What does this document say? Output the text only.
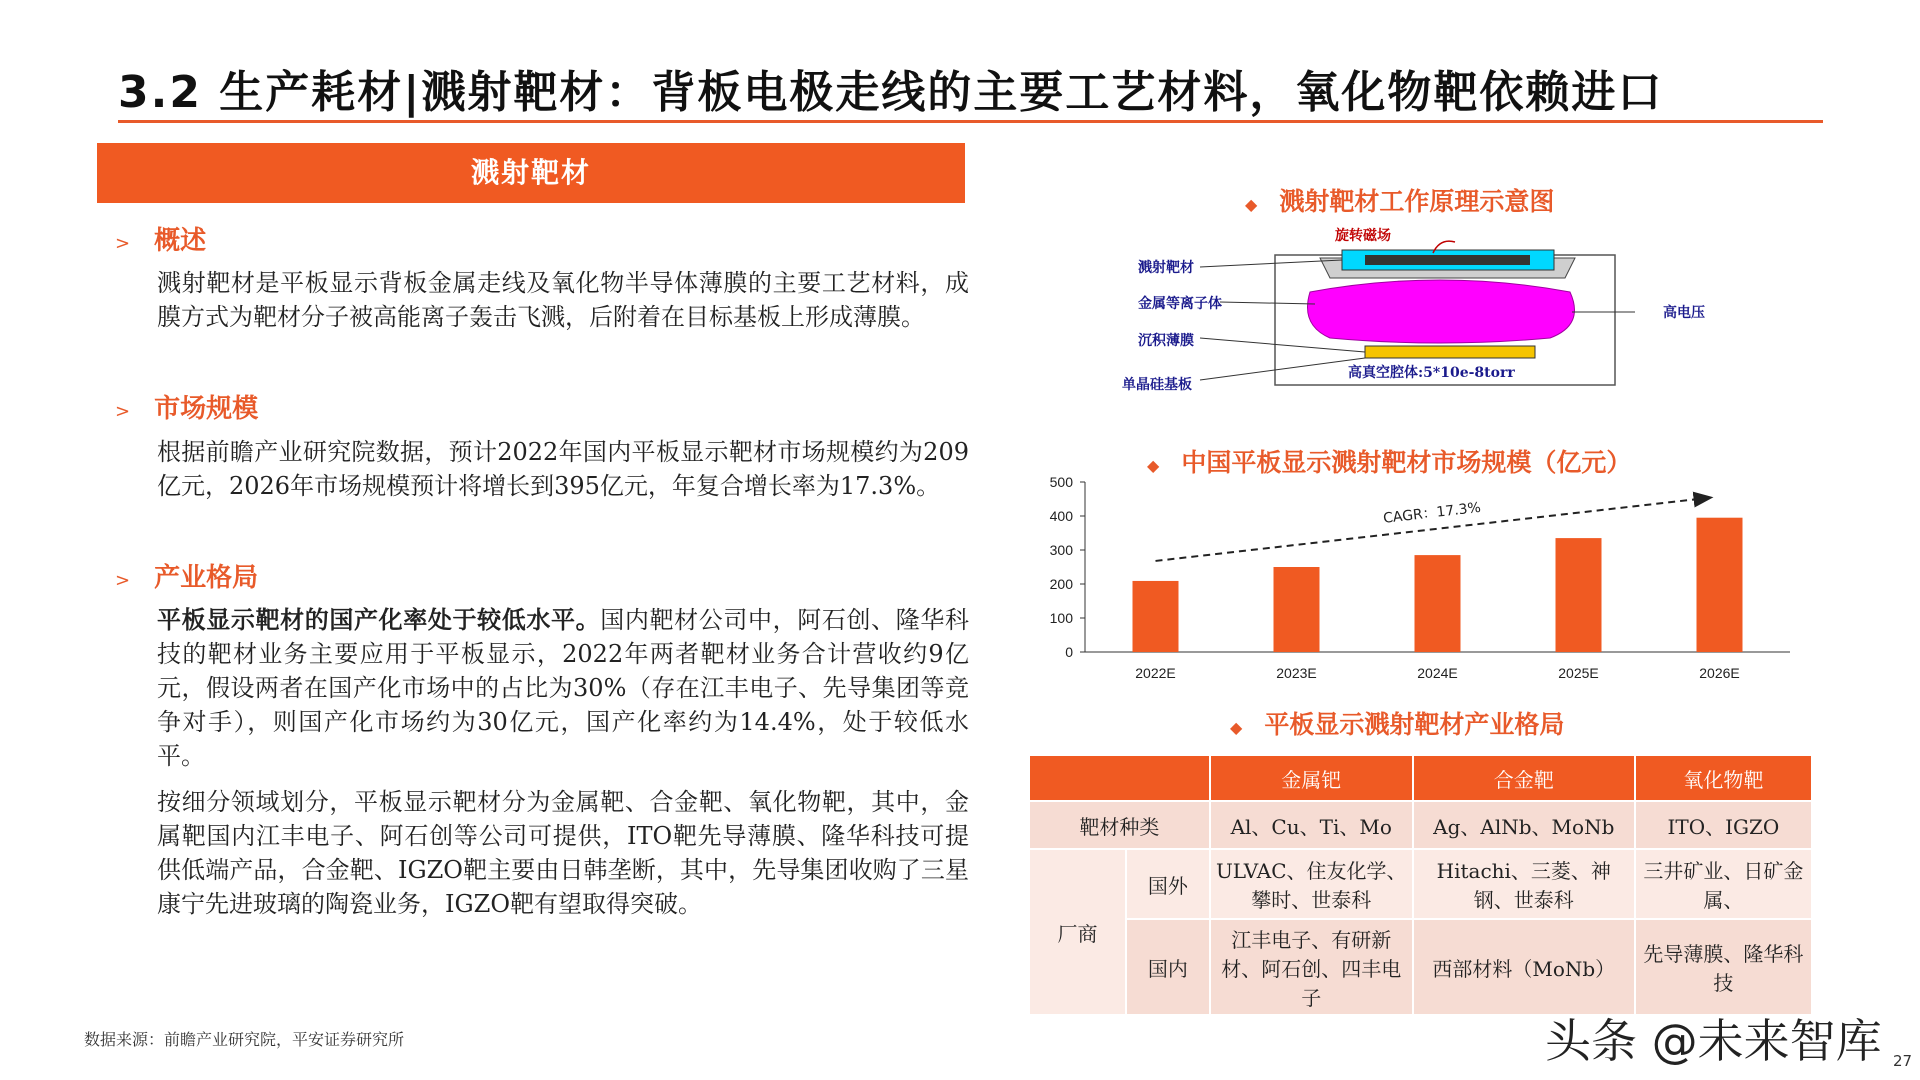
3.2 生产耗材|溅射靶材：背板电极走线的主要工艺材料，氧化物靶依赖进口
溅射靶材
> 概述
溅射靶材是平板显示背板金属走线及氧化物半导体薄膜的主要工艺材料，成膜方式为靶材分子被高能离子轰击飞溅，后附着在目标基板上形成薄膜。
> 市场规模
根据前瞻产业研究院数据，预计2022年国内平板显示靶材市场规模约为209亿元，2026年市场规模预计将增长到395亿元，年复合增长率为17.3%。
> 产业格局
平板显示靶材的国产化率处于较低水平。国内靶材公司中，阿石创、隆华科技的靶材业务主要应用于平板显示，2022年两者靶材业务合计营收约9亿元，假设两者在国产化市场中的占比为30%（存在江丰电子、先导集团等竞争对手），则国产化市场约为30亿元，国产化率约为14.4%，处于较低水平。
按细分领域划分，平板显示靶材分为金属靶、合金靶、氧化物靶，其中，金属靶国内江丰电子、阿石创等公司可提供，ITO靶先导薄膜、隆华科技可提供低端产品，合金靶、IGZO靶主要由日韩垄断，其中，先导集团收购了三星康宁先进玻璃的陶瓷业务，IGZO靶有望取得突破。
◆ 溅射靶材工作原理示意图
旋转磁场
溅射靶材
金属等离子体
沉积薄膜
单晶硅基板
高电压
高真空腔体:5*10e-8torr
◆ 中国平板显示溅射靶材市场规模（亿元）
0
100
200
300
400
500
2022E	2023E	2024E	2025E	2026E
CAGR：17.3%
◆ 平板显示溅射靶材产业格局
		金属钯	合金靶	氧化物靶
靶材种类		Al、Cu、Ti、Mo	Ag、AlNb、MoNb	ITO、IGZO
厂商	国外	ULVAC、住友化学、攀时、世泰科	Hitachi、三菱、神钢、世泰科	三井矿业、日矿金属、
	国内	江丰电子、有研新材、阿石创、四丰电子	西部材料（MoNb）	先导薄膜、隆华科技
数据来源：前瞻产业研究院，平安证券研究所	头条 @未来智库 27
